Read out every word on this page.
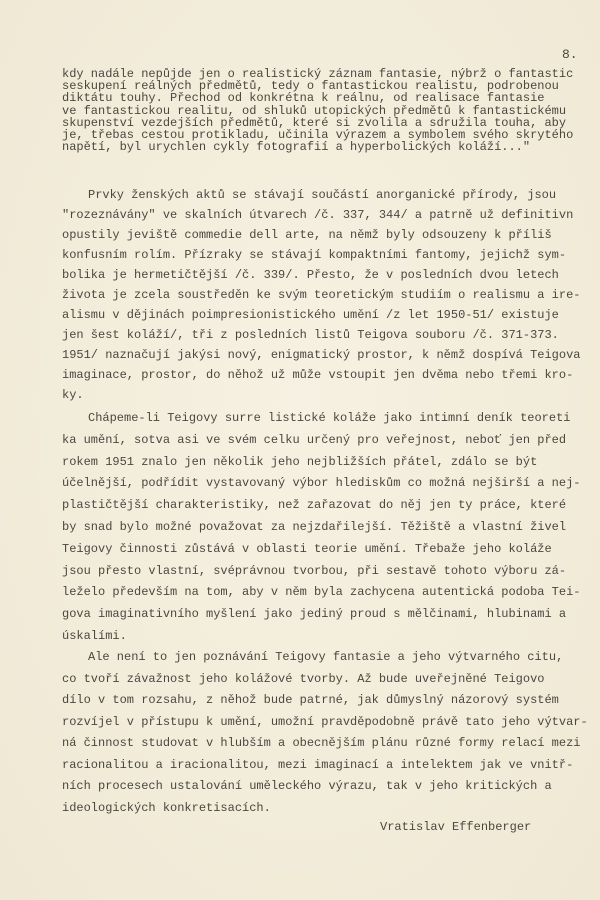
8.
kdy nadále nepůjde jen o realistický záznam fantasie, nýbrž o fantastic
seskupení reálných předmětů, tedy o fantastickou realistu, podrobenou
diktátu touhy. Přechod od konkrétna k reálnu, od realisace fantasie
ve fantastickou realitu, od shluků utopických předmětů k fantastickému
skupenství vezdejších předmětů, které si zvolila a sdružila touha, aby
je, třebas cestou protikladu, učinila výrazem a symbolem svého skrytého
napětí, byl urychlen cykly fotografií a hyperbolických koláží..."
Prvky ženských aktů se stávají součástí anorganické přírody, jsou
"rozeznávány" ve skalních útvarech /č. 337, 344/ a patrně už definitivn
opustily jeviště commedie dell arte, na němž byly odsouzeny k příliš
konfusním rolím. Přízraky se stávají kompaktními fantomy, jejichž sym-
bolika je hermetičtější /č. 339/. Přesto, že v posledních dvou letech
života je zcela soustředěn ke svým teoretickým studiím o realismu a ire-
alismu v dějinách poimpresionistického umění /z let 1950-51/ existuje
jen šest koláží/, tři z posledních listů Teigova souboru /č. 371-373.
1951/ naznačují jakýsi nový, enigmatický prostor, k němž dospívá Teigova
imaginace, prostor, do něhož už může vstoupit jen dvěma nebo třemi kro-
ky.
Chápeme-li Teigovy surre listické koláže jako intimní deník teoreti
ka umění, sotva asi ve svém celku určený pro veřejnost, neboť jen před
rokem 1951 znalo jen několik jeho nejbližších přátel, zdálo se být
účelnější, podřídit vystavovaný výbor hlediskům co možná nejširší a nej-
plastičtější charakteristiky, než zařazovat do něj jen ty práce, které
by snad bylo možné považovat za nejzdařilejší. Těžiště a vlastní živel
Teigovy činnosti zůstává v oblasti teorie umění. Třebaže jeho koláže
jsou přesto vlastní, svéprávnou tvorbou, při sestavě tohoto výboru zá-
leželo především na tom, aby v něm byla zachycena autentická podoba Tei-
gova imaginativního myšlení jako jediný proud s mělčinami, hlubinami a
úskalími.
Ale není to jen poznávání Teigovy fantasie a jeho výtvarného citu,
co tvoří závažnost jeho kolážové tvorby. Až bude uveřejněné Teigovo
dílo v tom rozsahu, z něhož bude patrné, jak důmyslný názorový systém
rozvíjel v přístupu k umění, umožní pravděpodobně právě tato jeho výtvar-
ná činnost studovat v hlubším a obecnějším plánu různé formy relací mezi
racionalitou a iracionalitou, mezi imaginací a intelektem jak ve vnitř-
ních procesech ustalování uměleckého výrazu, tak v jeho kritických a
ideologických konkretisacích.
Vratislav Effenberger
